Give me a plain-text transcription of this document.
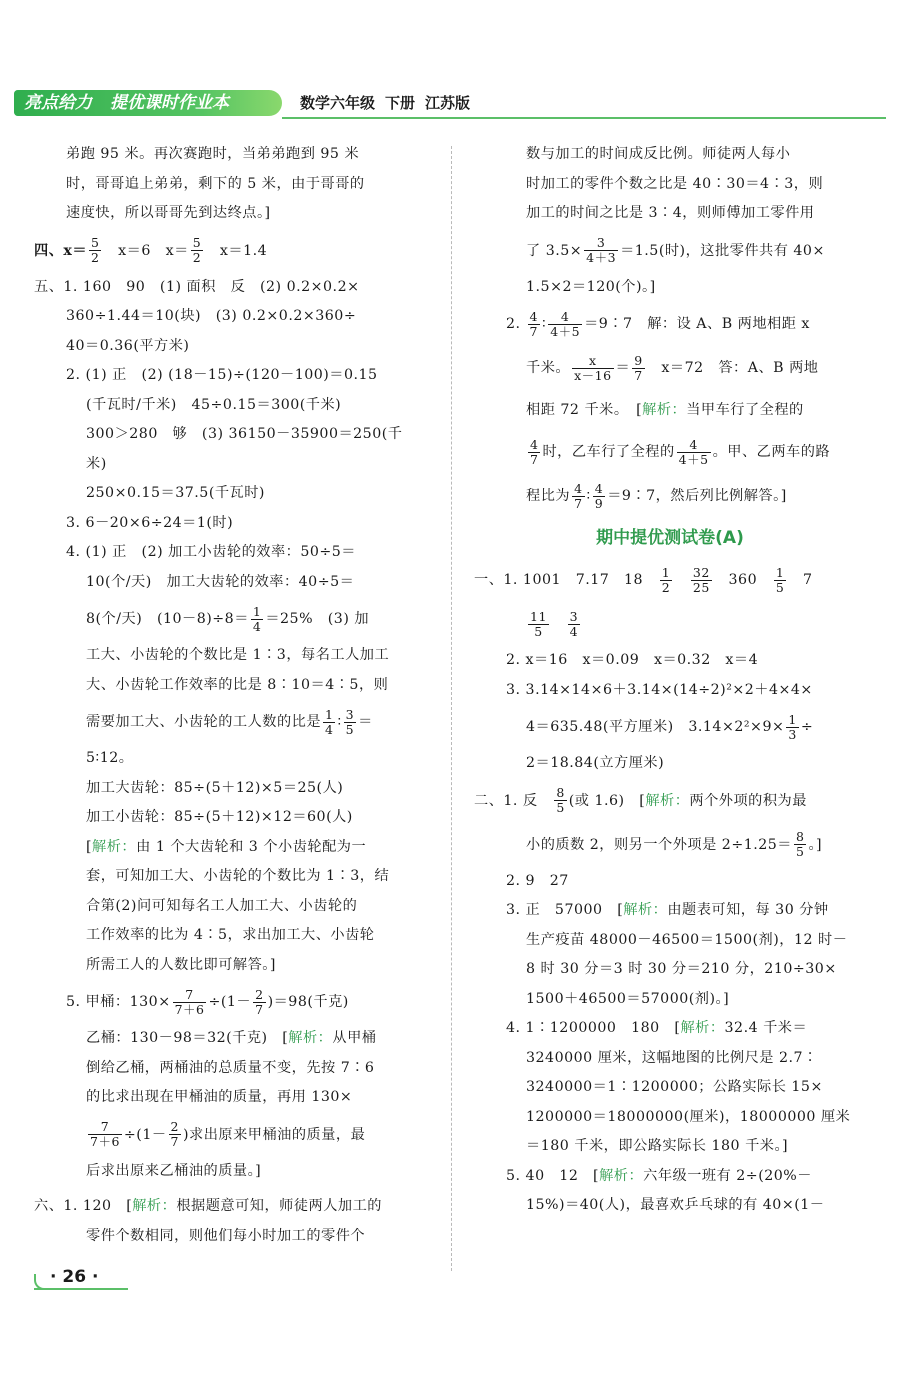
亮点给力 提优课时作业本	数学六年级 下册 江苏版
弟跑 95 米。再次赛跑时，当弟弟跑到 95 米
时，哥哥追上弟弟，剩下的 5 米，由于哥哥的
速度快，所以哥哥先到达终点。]
四、$x= \frac{5}{2}$ 　x＝6　$x= \frac{5}{2}$ 　x＝1.4
五、1. 160　90　(1) 面积　反　(2) 0.2×0.2×
360÷1.44＝10(块)　(3) 0.2×0.2×360÷
40＝0.36(平方米)
2. (1) 正　(2) (18－15)÷(120－100)＝0.15
(千瓦时/千米)　45÷0.15＝300(千米)
300＞280　够　(3) 36150－35900＝250(千
米)
250×0.15＝37.5(千瓦时)
3. 6－20×6÷24＝1(时)
4. (1) 正　(2) 加工小齿轮的效率：50÷5＝
10(个/天)　加工大齿轮的效率：40÷5＝
8(个/天)　$(10-8)\div 8= \frac{1}{4} =25\%$　(3) 加
工大、小齿轮的个数比是 1∶3，每名工人加工
大、小齿轮工作效率的比是 8∶10＝4∶5，则
需要加工大、小齿轮的工人数的比是 $\frac{1}{4}$ ∶ $\frac{3}{5}$ ＝
5∶12。
加工大齿轮：85÷(5＋12)×5＝25(人)
加工小齿轮：85÷(5＋12)×12＝60(人)
[解析：由 1 个大齿轮和 3 个小齿轮配为一
套，可知加工大、小齿轮的个数比为 1∶3，结
合第(2)问可知每名工人加工大、小齿轮的
工作效率的比为 4∶5，求出加工大、小齿轮
所需工人的人数比即可解答。]
5. 甲桶：$130\times \frac{7}{7+6} \div(1- \frac{2}{7} )=98$(千克)
乙桶：130－98＝32(千克)　[解析：从甲桶
倒给乙桶，两桶油的总质量不变，先按 7∶6
的比求出现在甲桶油的质量，再用 130×
$\frac{7}{7+6} \div(1- \frac{2}{7}$ )求出原来甲桶油的质量，最
后求出原来乙桶油的质量。]
六、1. 120　[解析：根据题意可知，师徒两人加工的
零件个数相同，则他们每小时加工的零件个
数与加工的时间成反比例。师徒两人每小
时加工的零件个数之比是 40∶30＝4∶3，则
加工的时间之比是 3∶4，则师傅加工零件用
了 $3.5\times \frac{3}{4+3} =1.5$(时)，这批零件共有 40×
1.5×2＝120(个)。]
2. $\frac{4}{7}$ ∶ $\frac{4}{4+5}$ ＝9∶7　解：设 A、B 两地相距 x
千米。 $\frac{x}{x-16} = \frac{9}{7}$ 　x＝72　答：A、B 两地
相距 72 千米。　[解析：当甲车行了全程的
$\frac{4}{7}$ 时，乙车行了全程的 $\frac{4}{4+5}$ 。甲、乙两车的路
程比为 $\frac{4}{7}$ ∶ $\frac{4}{9}$ ＝9∶7，然后列比例解答。]
期中提优测试卷(A)
一、1. 1001　7.17　18　 $\frac{1}{2}$
　 $\frac{32}{25}$
　 360　 $\frac{1}{5}$
　 7
$\frac{11}{5}$
　 $\frac{3}{4}$
2. x＝16　x＝0.09　x＝0.32　x＝4
3. 3.14×14×6＋3.14×(14÷2)²×2＋4×4×
4＝635.48(平方厘米)　$3.14\times 2^2\times 9\times \frac{1}{3}$ ÷
2＝18.84(立方厘米)
二、1. 反　 $\frac{8}{5}$ (或 1.6)　[解析：两个外项的积为最
小的质数 2，则另一个外项是 $2\div 1.25= \frac{8}{5}$ 。]
2. 9　27
3. 正　57000　[解析：由题表可知，每 30 分钟
生产疫苗 48000－46500＝1500(剂)，12 时－
8 时 30 分＝3 时 30 分＝210 分，210÷30×
1500＋46500＝57000(剂)。]
4. 1∶1200000　180　[解析：32.4 千米＝
3240000 厘米，这幅地图的比例尺是 2.7∶
3240000＝1∶1200000；公路实际长 15×
1200000＝18000000(厘米)，18000000 厘米
＝180 千米，即公路实际长 180 千米。]
5. 40　12　[解析：六年级一班有 2÷(20%－
15%)＝40(人)，最喜欢乒乓球的有 40×(1－
· 26 ·
